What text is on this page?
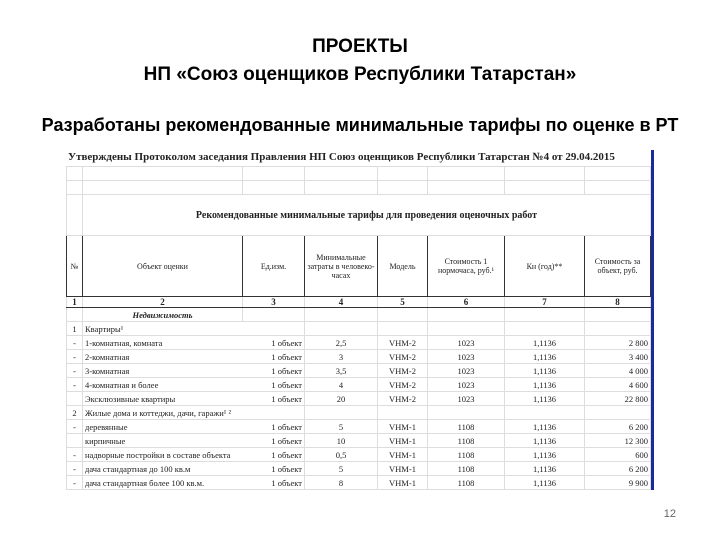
ПРОЕКТЫ
НП «Союз оценщиков Республики Татарстан»
Разработаны рекомендованные минимальные тарифы по оценке в РТ
Утверждены Протоколом заседания Правления НП Союз оценщиков Республики Татарстан №4 от 29.04.2015

	Рекомендованные минимальные тарифы для проведения оценочных работ						
№	Объект оценки	Ед.изм.	Минимальные затраты в человеко-часах	Модель	Стоимость 1 нормочаса, руб.¹	Кн (год)**	Стоимость за объект, руб.
1	2	3	4	5	6	7	8
	Недвижимость						
1	Квартиры¹						
-	1-комнатная, комната	1 объект	2,5	VHM-2	1023	1,1136	2 800
-	2-комнатная	1 объект	3	VHM-2	1023	1,1136	3 400
-	3-комнатная	1 объект	3,5	VHM-2	1023	1,1136	4 000
-	4-комнатная и более	1 объект	4	VHM-2	1023	1,1136	4 600
	Эксклюзивные квартиры	1 объект	20	VHM-2	1023	1,1136	22 800
2	Жилые дома и коттеджи, дачи, гаражи¹ ²						
-	деревянные	1 объект	5	VHM-1	1108	1,1136	6 200
	кирпичные	1 объект	10	VHM-1	1108	1,1136	12 300
-	надворные постройки в составе объекта	1 объект	0,5	VHM-1	1108	1,1136	600
-	дача стандартная до 100 кв.м	1 объект	5	VHM-1	1108	1,1136	6 200
-	дача стандартная более 100 кв.м.	1 объект	8	VHM-1	1108	1,1136	9 900
12
